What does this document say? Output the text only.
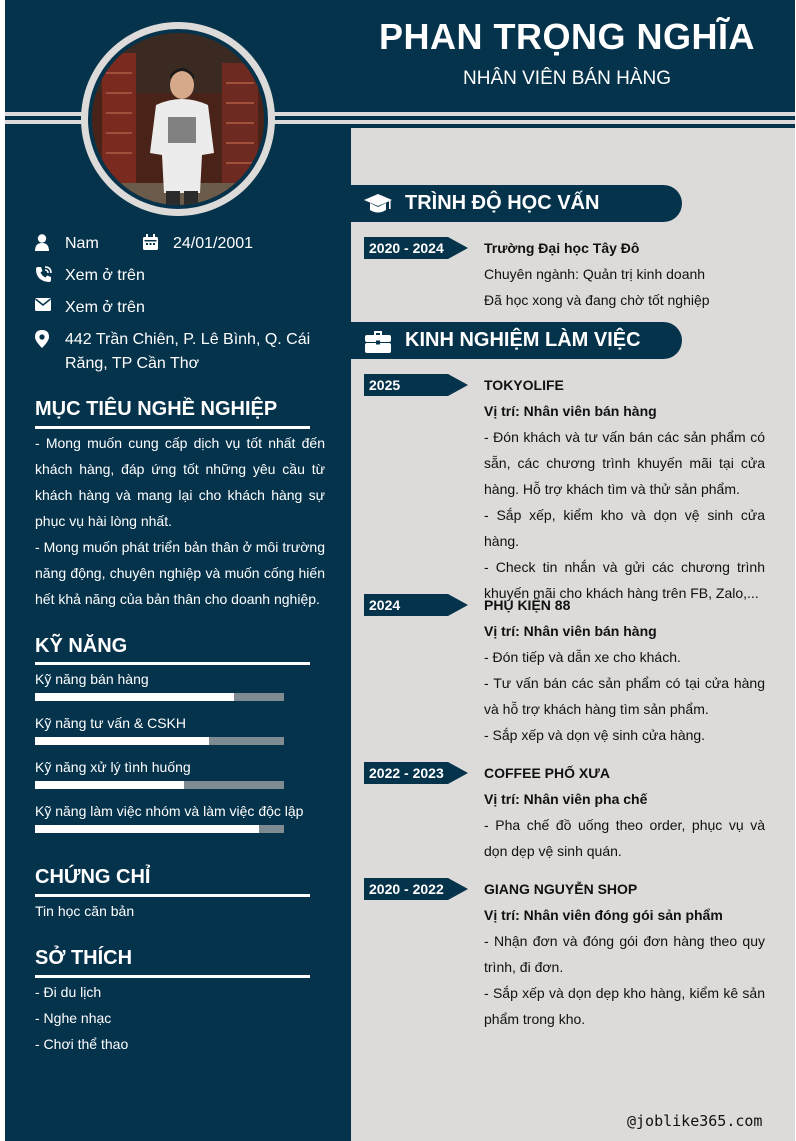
PHAN TRỌNG NGHĨA
NHÂN VIÊN BÁN HÀNG
Nam	24/01/2001
Xem ở trên
Xem ở trên
442 Trần Chiên, P. Lê Bình, Q. Cái Răng, TP Cần Thơ
MỤC TIÊU NGHỀ NGHIỆP
- Mong muốn cung cấp dịch vụ tốt nhất đến khách hàng, đáp ứng tốt những yêu cầu từ khách hàng và mang lại cho khách hàng sự phục vụ hài lòng nhất.
- Mong muốn phát triển bản thân ở môi trường năng động, chuyên nghiệp và muốn cống hiến hết khả năng của bản thân cho doanh nghiệp.
KỸ NĂNG
Kỹ năng bán hàng
Kỹ năng tư vấn & CSKH
Kỹ năng xử lý tình huống
Kỹ năng làm việc nhóm và làm việc độc lập
CHỨNG CHỈ
Tin học căn bản
SỞ THÍCH
- Đi du lịch
- Nghe nhạc
- Chơi thể thao
TRÌNH ĐỘ HỌC VẤN
2020 - 2024	Trường Đại học Tây Đô
Chuyên ngành: Quản trị kinh doanh
Đã học xong và đang chờ tốt nghiệp
KINH NGHIỆM LÀM VIỆC
2025	TOKYOLIFE
Vị trí: Nhân viên bán hàng
- Đón khách và tư vấn bán các sản phẩm có sẵn, các chương trình khuyến mãi tại cửa hàng. Hỗ trợ khách tìm và thử sản phẩm.
- Sắp xếp, kiểm kho và dọn vệ sinh cửa hàng.
- Check tin nhắn và gửi các chương trình khuyến mãi cho khách hàng trên FB, Zalo,...
2024	PHỤ KIỆN 88
Vị trí: Nhân viên bán hàng
- Đón tiếp và dẫn xe cho khách.
- Tư vấn bán các sản phẩm có tại cửa hàng và hỗ trợ khách hàng tìm sản phẩm.
- Sắp xếp và dọn vệ sinh cửa hàng.
2022 - 2023	COFFEE PHỐ XƯA
Vị trí: Nhân viên pha chế
- Pha chế đồ uống theo order, phục vụ và dọn dẹp vệ sinh quán.
2020 - 2022	GIANG NGUYỄN SHOP
Vị trí: Nhân viên đóng gói sản phẩm
- Nhận đơn và đóng gói đơn hàng theo quy trình, đi đơn.
- Sắp xếp và dọn dẹp kho hàng, kiểm kê sản phẩm trong kho.
@joblike365.com
